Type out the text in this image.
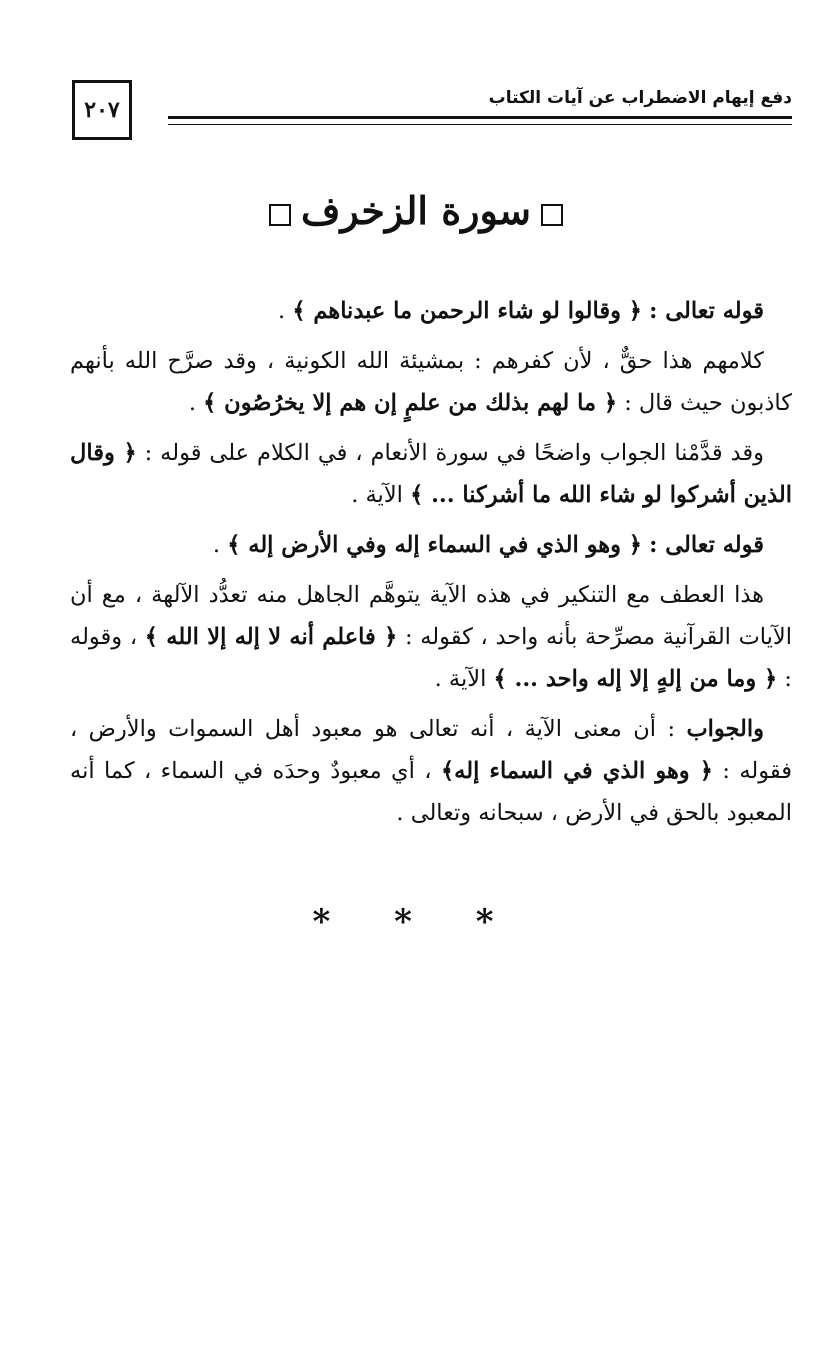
٢٠٧	دفع إيهام الاضطراب عن آيات الكتاب
سورة الزخرف

قوله تعالى : ﴿ وقالوا لو شاء الرحمن ما عبدناهم ﴾ .

كلامهم هذا حقٌّ ، لأن كفرهم : بمشيئة الله الكونية ، وقد صرَّح الله بأنهم كاذبون حيث قال : ﴿ ما لهم بذلك من علمٍ إن هم إلا يخرُصُون ﴾ .

وقد قدَّمْنا الجواب واضحًا في سورة الأنعام ، في الكلام على قوله : ﴿ وقال الذين أشركوا لو شاء الله ما أشركنا ... ﴾ الآية .

قوله تعالى : ﴿ وهو الذي في السماء إله وفي الأرض إله ﴾ .

هذا العطف مع التنكير في هذه الآية يتوهَّم الجاهل منه تعدُّد الآلهة ، مع أن الآيات القرآنية مصرِّحة بأنه واحد ، كقوله : ﴿ فاعلم أنه لا إله إلا الله ﴾ ، وقوله : ﴿ وما من إلهٍ إلا إله واحد ... ﴾ الآية .

والجواب : أن معنى الآية ، أنه تعالى هو معبود أهل السموات والأرض ، فقوله : ﴿ وهو الذي في السماء إله﴾ ، أي معبودٌ وحدَه في السماء ، كما أنه المعبود بالحق في الأرض ، سبحانه وتعالى .

* * *
